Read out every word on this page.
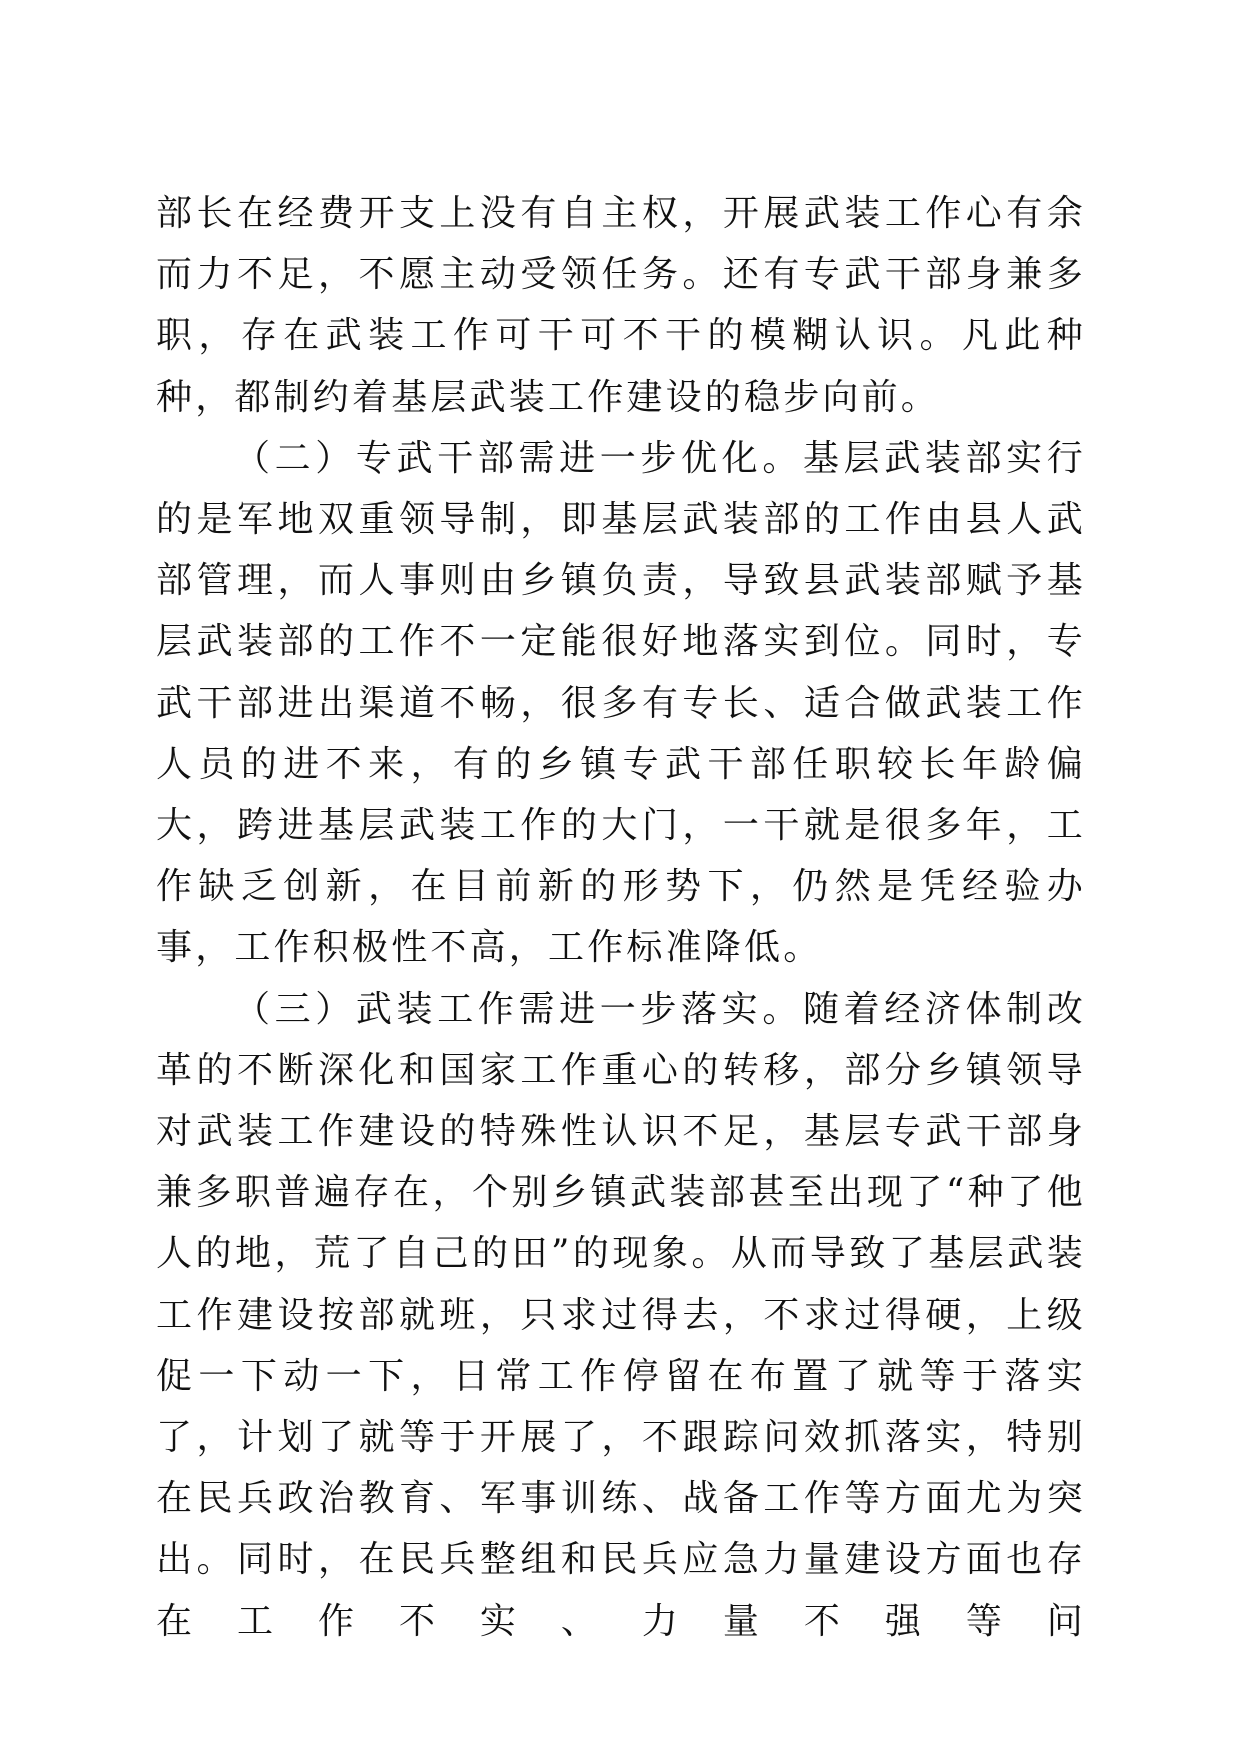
部长在经费开支上没有自主权，开展武装工作心有余而力不足，不愿主动受领任务。还有专武干部身兼多职，存在武装工作可干可不干的模糊认识。凡此种种，都制约着基层武装工作建设的稳步向前。

（二）专武干部需进一步优化。基层武装部实行的是军地双重领导制，即基层武装部的工作由县人武部管理，而人事则由乡镇负责，导致县武装部赋予基层武装部的工作不一定能很好地落实到位。同时，专武干部进出渠道不畅，很多有专长、适合做武装工作人员的进不来，有的乡镇专武干部任职较长年龄偏大，跨进基层武装工作的大门，一干就是很多年，工作缺乏创新，在目前新的形势下，仍然是凭经验办事，工作积极性不高，工作标准降低。

（三）武装工作需进一步落实。随着经济体制改革的不断深化和国家工作重心的转移，部分乡镇领导对武装工作建设的特殊性认识不足，基层专武干部身兼多职普遍存在，个别乡镇武装部甚至出现了“种了他人的地，荒了自己的田”的现象。从而导致了基层武装工作建设按部就班，只求过得去，不求过得硬，上级促一下动一下，日常工作停留在布置了就等于落实了，计划了就等于开展了，不跟踪问效抓落实，特别在民兵政治教育、军事训练、战备工作等方面尤为突出。同时，在民兵整组和民兵应急力量建设方面也存在工作不实、力量不强等问
